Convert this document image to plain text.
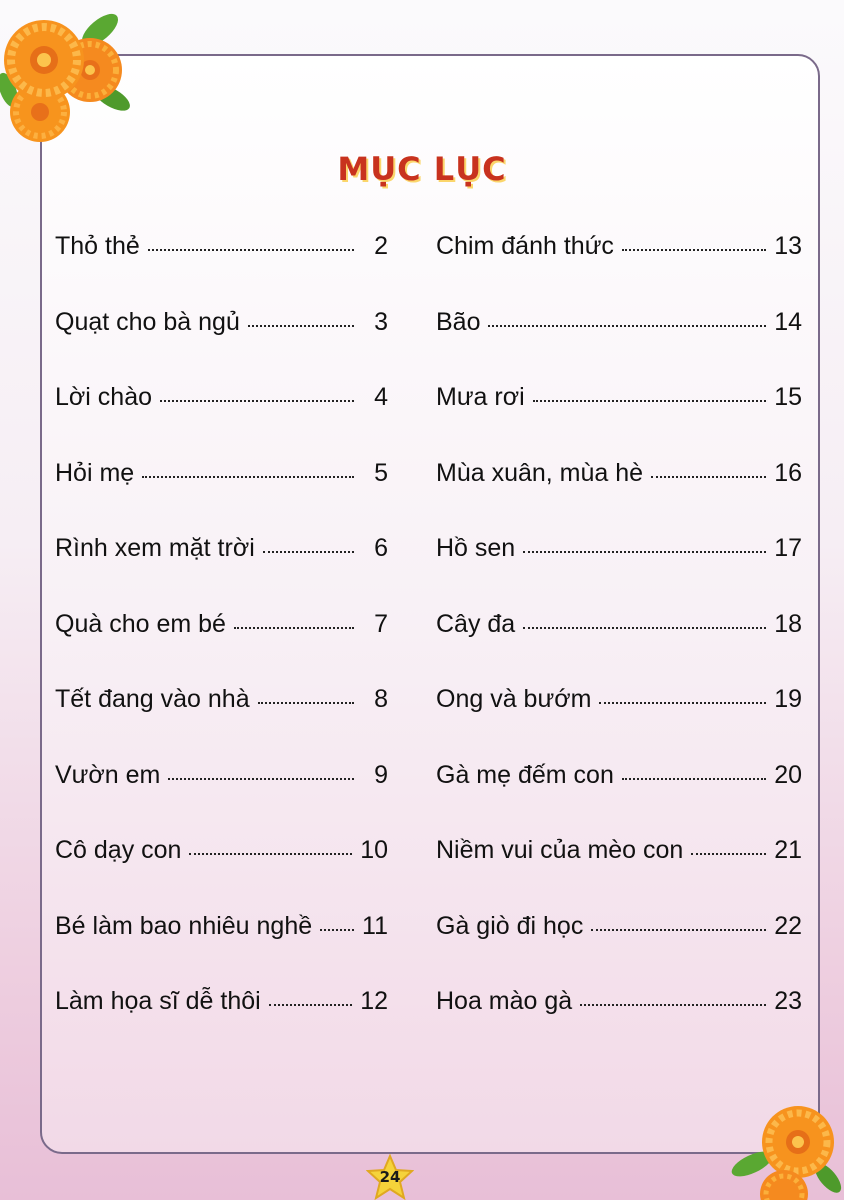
MỤC LỤC
Thỏ thẻ	2
Quạt cho bà ngủ	3
Lời chào	4
Hỏi mẹ	5
Rình xem mặt trời	6
Quà cho em bé	7
Tết đang vào nhà	8
Vườn em	9
Cô dạy con	10
Bé làm bao nhiêu nghề 11
Làm họa sĩ dễ thôi	12
Chim đánh thức	13
Bão	14
Mưa rơi	15
Mùa xuân, mùa hè	16
Hồ sen	17
Cây đa	18
Ong và bướm	19
Gà mẹ đếm con	20
Niềm vui của mèo con	21
Gà giò đi học	22
Hoa mào gà	23
24
